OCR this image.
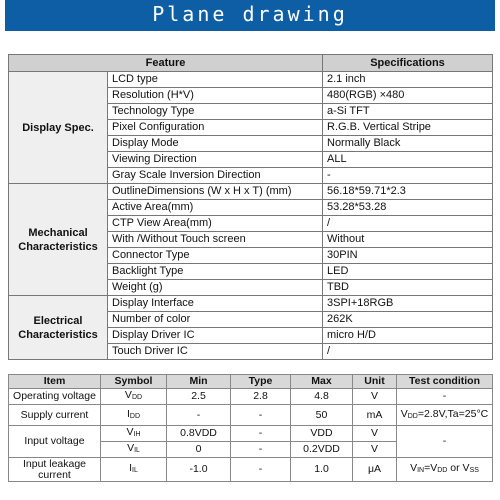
Plane drawing
Feature		Specifications
Display Spec.	LCD type	2.1 inch
	Resolution (H*V)	480(RGB) ×480
	Technology Type	a-Si TFT
	Pixel Configuration	R.G.B. Vertical Stripe
	Display Mode	Normally Black
	Viewing Direction	ALL
	Gray Scale Inversion Direction	-
Mechanical Characteristics	OutlineDimensions (W x H x T) (mm)	56.18*59.71*2.3
	Active Area(mm)	53.28*53.28
	CTP View Area(mm)	/
	With /Without Touch screen	Without
	Connector Type	30PIN
	Backlight Type	LED
	Weight (g)	TBD
Electrical Characteristics	Display Interface	3SPI+18RGB
	Number of color	262K
	Display Driver IC	micro H/D
	Touch Driver IC	/
Item	Symbol	Min	Type	Max	Unit	Test condition
Operating voltage	$V_{DD}$	2.5	2.8	4.8	V	-
Supply current	$I_{DD}$	-	-	50	mA	$V_{DD}=2.8V,Ta=25^\circ C$
Input voltage	$V_{IH}$	0.8VDD	-	VDD	V	-
	$V_{IL}$	0	-	0.2VDD	V	
Input leakage current	$I_{IL}$	-1.0	-	1.0	μA	$V_{IN}=V_{DD}$ or $V_{SS}$
